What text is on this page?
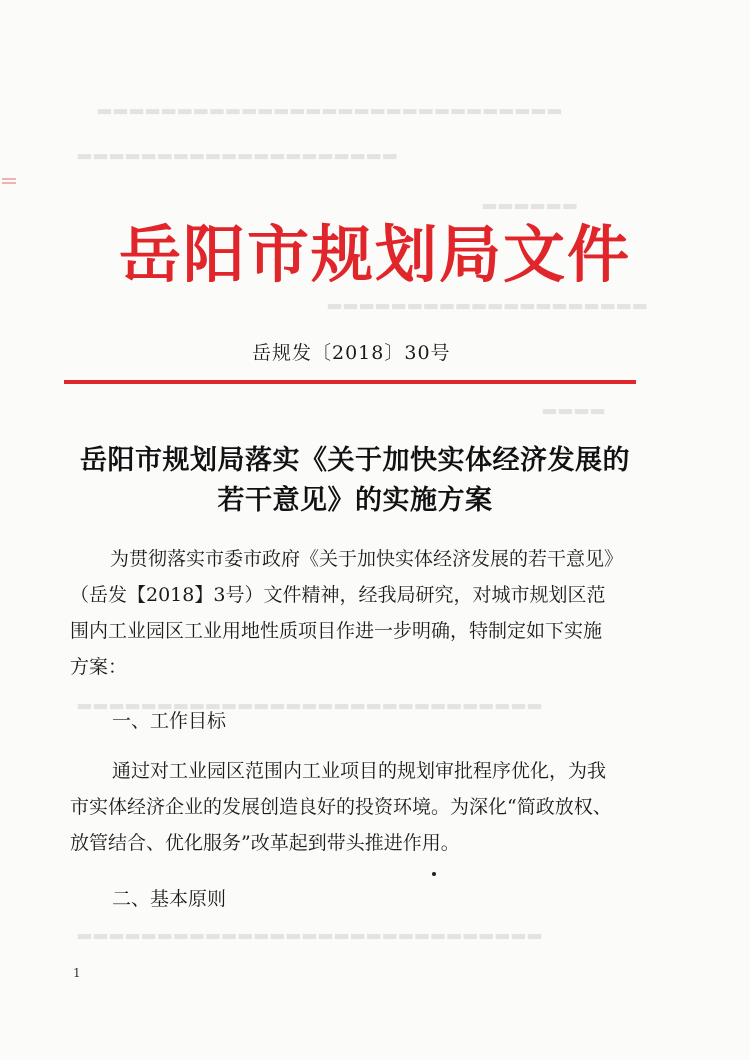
▂▂▂▂▂▂▂▂▂▂▂▂▂▂▂▂▂▂▂▂▂▂▂▂▂▂▂▂▂
▂▂▂▂▂▂▂▂▂▂▂▂▂▂▂▂▂▂▂▂
▂▂▂▂▂▂
▂▂▂▂▂▂▂▂▂▂▂▂▂▂▂▂▂▂▂▂
▂▂▂▂
▂▂▂▂▂▂▂▂▂▂▂▂▂▂▂▂▂▂▂▂▂▂▂▂▂▂▂▂▂
▂▂▂▂▂▂▂▂▂▂▂▂▂▂▂▂▂▂▂▂▂▂▂▂▂▂▂▂▂
岳阳市规划局文件
岳规发〔2018〕30号
岳阳市规划局落实《关于加快实体经济发展的
若干意见》的实施方案
为贯彻落实市委市政府《关于加快实体经济发展的若干意见》
（岳发【2018】3号）文件精神，经我局研究，对城市规划区范
围内工业园区工业用地性质项目作进一步明确，特制定如下实施
方案：
一、工作目标
通过对工业园区范围内工业项目的规划审批程序优化，为我
市实体经济企业的发展创造良好的投资环境。为深化“简政放权、
放管结合、优化服务”改革起到带头推进作用。
二、基本原则
1
